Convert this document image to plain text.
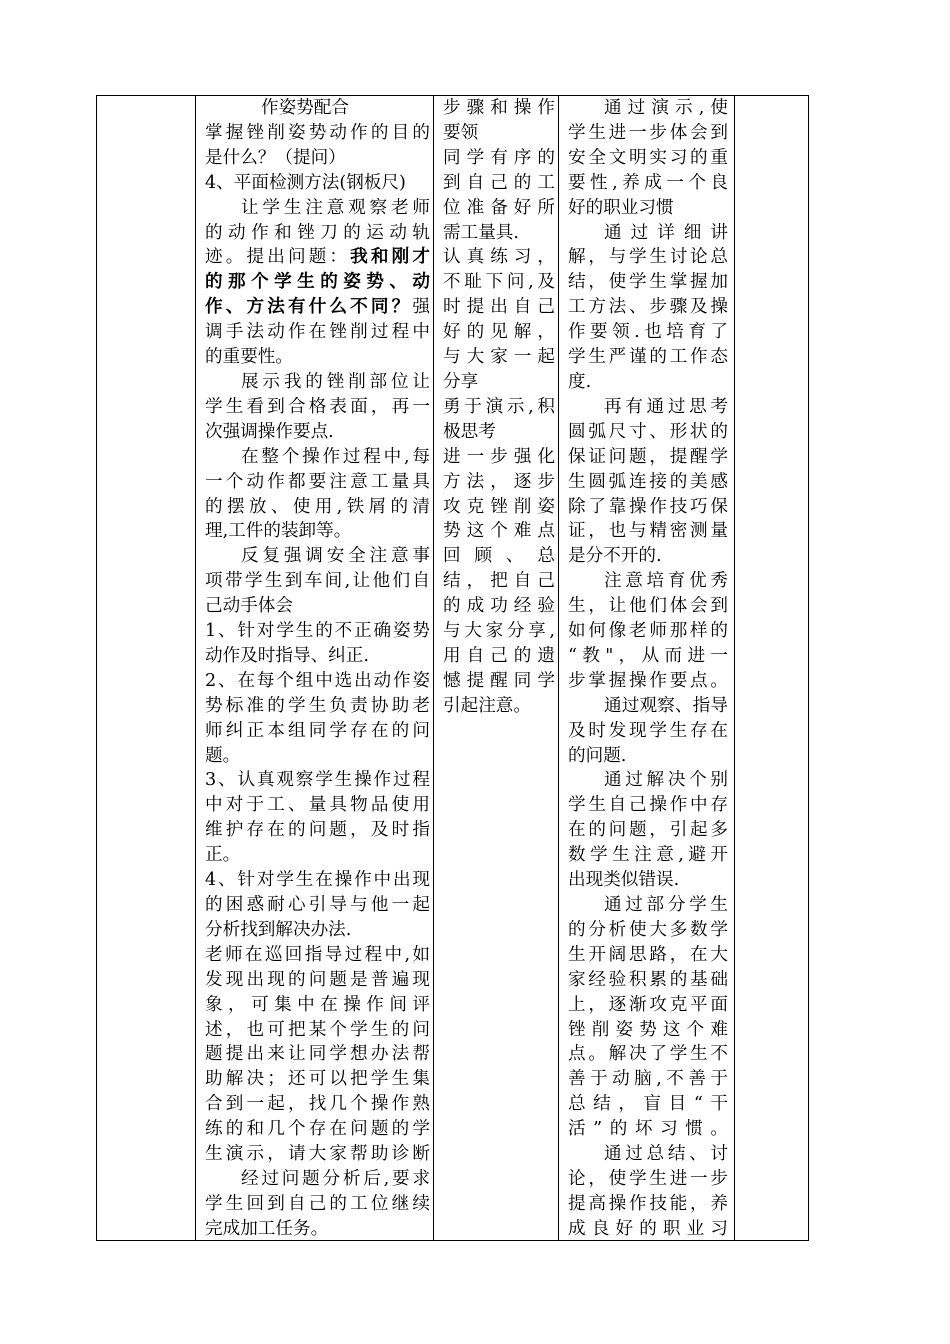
作姿势配合
掌握锉削姿势动作的目的
是什么？（提问）
4、平面检测方法(钢板尺)
让学生注意观察老师
的动作和锉刀的运动轨
迹。提出问题：我和刚才
的那个学生的姿势、动
作、方法有什么不同？强
调手法动作在锉削过程中
的重要性。
展示我的锉削部位让
学生看到合格表面，再一
次强调操作要点.
在整个操作过程中,每
一个动作都要注意工量具
的摆放、使用,铁屑的清
理,工件的装卸等。
反复强调安全注意事
项带学生到车间,让他们自
己动手体会
1、针对学生的不正确姿势
动作及时指导、纠正.
2、在每个组中选出动作姿
势标准的学生负责协助老
师纠正本组同学存在的问
题。
3、认真观察学生操作过程
中对于工、量具物品使用
维护存在的问题，及时指
正。
4、针对学生在操作中出现
的困惑耐心引导与他一起
分析找到解决办法.
老师在巡回指导过程中,如
发现出现的问题是普遍现
象，可集中在操作间评
述，也可把某个学生的问
题提出来让同学想办法帮
助解决；还可以把学生集
合到一起，找几个操作熟
练的和几个存在问题的学
生演示，请大家帮助诊断
经过问题分析后,要求
学生回到自己的工位继续
完成加工任务。
步骤和操作
要领
同学有序的
到自己的工
位准备好所
需工量具.
认真练习，
不耻下问,及
时提出自己
好的见解，
与大家一起
分享
勇于演示,积
极思考
进一步强化
方法，逐步
攻克锉削姿
势这个难点
回 顾 、 总
结，把自己
的成功经验
与大家分享,
用自己的遗
憾提醒同学
引起注意。
通过演示,使
学生进一步体会到
安全文明实习的重
要性,养成一个良
好的职业习惯
通过详细讲
解，与学生讨论总
结，使学生掌握加
工方法、步骤及操
作要领.也培育了
学生严谨的工作态
度.
再有通过思考
圆弧尺寸、形状的
保证问题，提醒学
生圆弧连接的美感
除了靠操作技巧保
证，也与精密测量
是分不开的.
注意培育优秀
生，让他们体会到
如何像老师那样的
“教"，从而进一
步掌握操作要点。
通过观察、指导
及时发现学生存在
的问题.
通过解决个别
学生自己操作中存
在的问题，引起多
数学生注意,避开
出现类似错误.
通过部分学生
的分析使大多数学
生开阔思路，在大
家经验积累的基础
上，逐渐攻克平面
锉削姿势这个难
点。解决了学生不
善于动脑,不善于
总结，盲目“干
活”的坏习惯。
通过总结、讨
论，使学生进一步
提高操作技能，养
成良好的职业习
